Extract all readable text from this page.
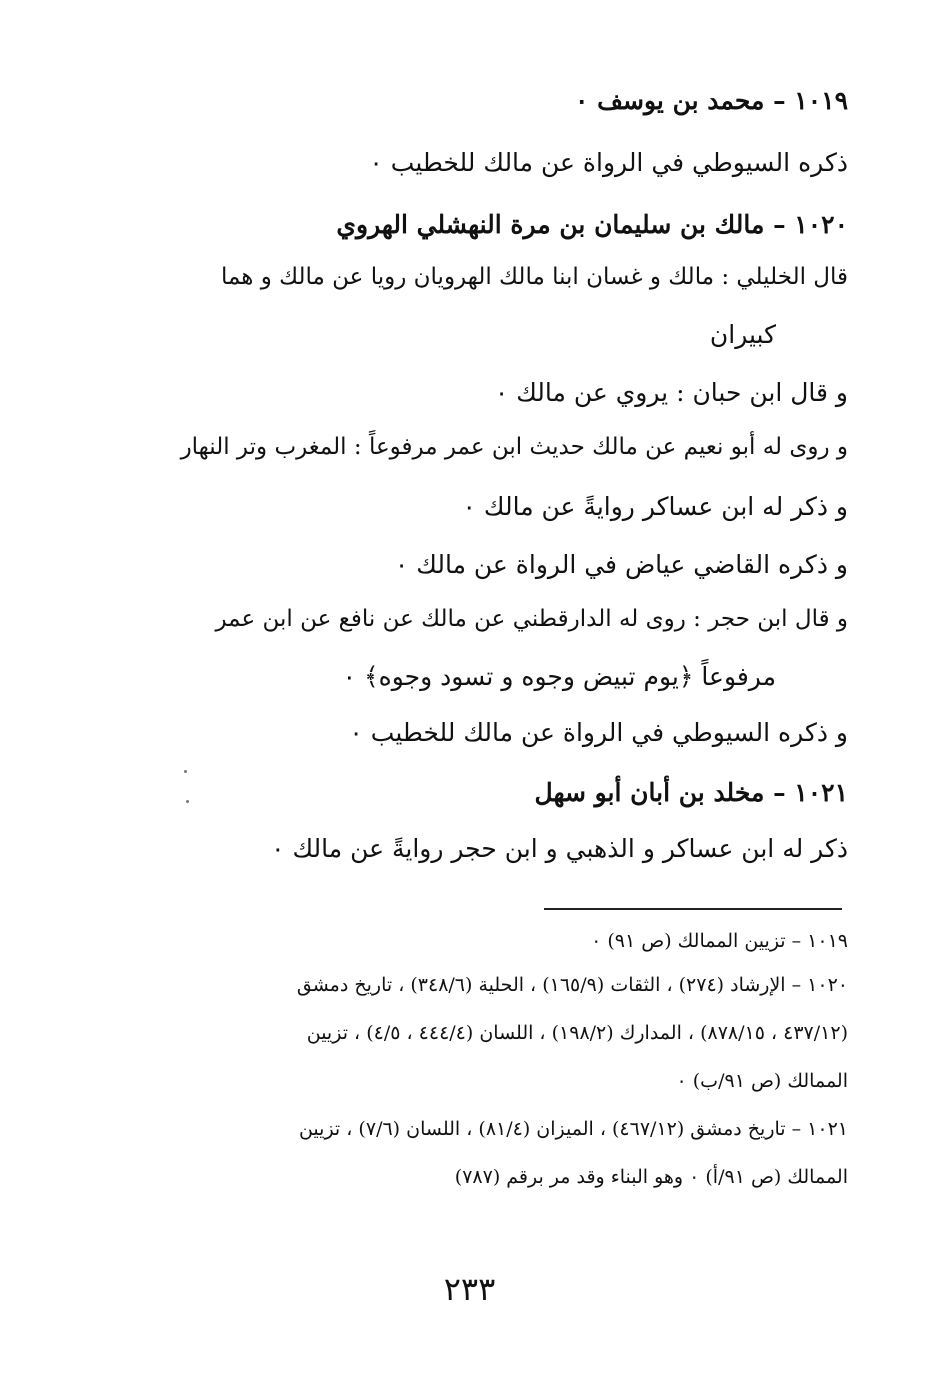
١٠١٩ – محمد بن يوسف ٠
ذكره السيوطي في الرواة عن مالك للخطيب ٠
١٠٢٠ – مالك بن سليمان بن مرة النهشلي الهروي
قال الخليلي : مالك و غسان ابنا مالك الهرويان رويا عن مالك و هما
كبيران
و قال ابن حبان : يروي عن مالك ٠
و روى له أبو نعيم عن مالك حديث ابن عمر مرفوعاً : المغرب وتر النهار
و ذكر له ابن عساكر روايةً عن مالك ٠
و ذكره القاضي عياض في الرواة عن مالك ٠
و قال ابن حجر : روى له الدارقطني عن مالك عن نافع عن ابن عمر
مرفوعاً ﴿يوم تبيض وجوه و تسود وجوه﴾ ٠
و ذكره السيوطي في الرواة عن مالك للخطيب ٠
١٠٢١ – مخلد بن أبان أبو سهل
ذكر له ابن عساكر و الذهبي و ابن حجر روايةً عن مالك ٠
١٠١٩ – تزيين الممالك (ص ٩١) ٠
١٠٢٠ – الإرشاد (٢٧٤) ، الثقات (١٦٥/٩) ، الحلية (٣٤٨/٦) ، تاريخ دمشق
(٤٣٧/١٢ ، ٨٧٨/١٥) ، المدارك (١٩٨/٢) ، اللسان (٤٤٤/٤ ، ٤/٥) ، تزيين
الممالك (ص ٩١/ب) ٠
١٠٢١ – تاريخ دمشق (٤٦٧/١٢) ، الميزان (٨١/٤) ، اللسان (٧/٦) ، تزيين
الممالك (ص ٩١/أ) ٠ وهو البناء وقد مر برقم (٧٨٧)
٢٣٣
